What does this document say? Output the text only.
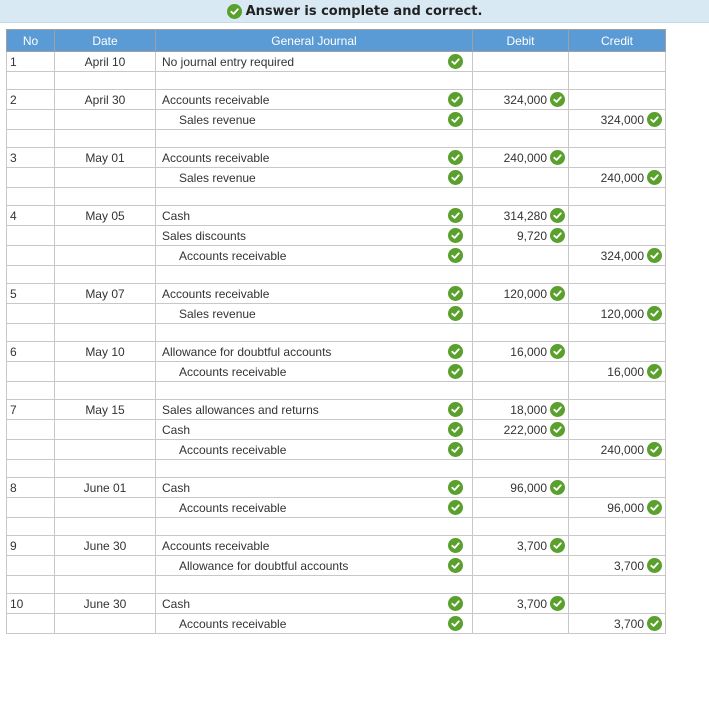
Answer is complete and correct.
No	Date	General Journal	Debit	Credit
1	April 10	No journal entry required		

2	April 30	Accounts receivable	324,000	

		Sales revenue		324,000

3	May 01	Accounts receivable	240,000	

		Sales revenue		240,000

4	May 05	Cash	314,280	

		Sales discounts	9,720	

		Accounts receivable		324,000

5	May 07	Accounts receivable	120,000	

		Sales revenue		120,000

6	May 10	Allowance for doubtful accounts	16,000	

		Accounts receivable		16,000

7	May 15	Sales allowances and returns	18,000	

		Cash	222,000	

		Accounts receivable		240,000

8	June 01	Cash	96,000	

		Accounts receivable		96,000

9	June 30	Accounts receivable	3,700	

		Allowance for doubtful accounts		3,700

10	June 30	Cash	3,700	

		Accounts receivable		3,700
